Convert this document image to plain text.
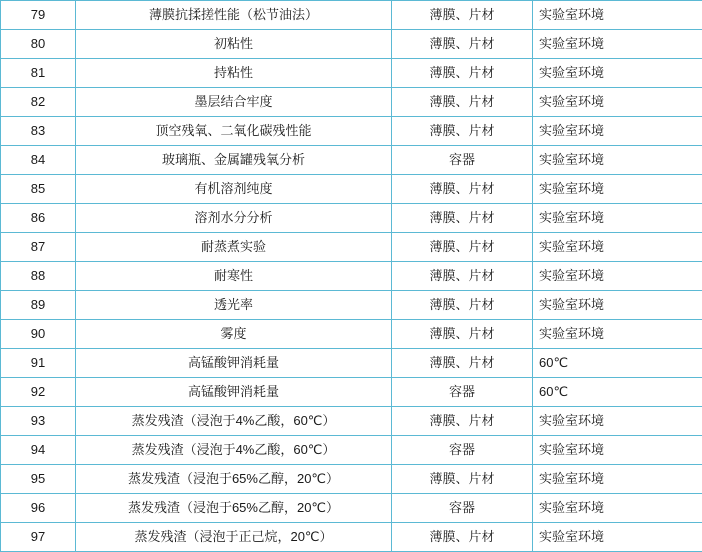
79	薄膜抗揉搓性能（松节油法）	薄膜、片材	实验室环境
80	初粘性	薄膜、片材	实验室环境
81	持粘性	薄膜、片材	实验室环境
82	墨层结合牢度	薄膜、片材	实验室环境
83	顶空残氧、二氧化碳残性能	薄膜、片材	实验室环境
84	玻璃瓶、金属罐残氧分析	容器	实验室环境
85	有机溶剂纯度	薄膜、片材	实验室环境
86	溶剂水分分析	薄膜、片材	实验室环境
87	耐蒸煮实验	薄膜、片材	实验室环境
88	耐寒性	薄膜、片材	实验室环境
89	透光率	薄膜、片材	实验室环境
90	雾度	薄膜、片材	实验室环境
91	高锰酸钾消耗量	薄膜、片材	60℃
92	高锰酸钾消耗量	容器	60℃
93	蒸发残渣（浸泡于4%乙酸，60℃）	薄膜、片材	实验室环境
94	蒸发残渣（浸泡于4%乙酸，60℃）	容器	实验室环境
95	蒸发残渣（浸泡于65%乙醇，20℃）	薄膜、片材	实验室环境
96	蒸发残渣（浸泡于65%乙醇，20℃）	容器	实验室环境
97	蒸发残渣（浸泡于正己烷，20℃）	薄膜、片材	实验室环境
